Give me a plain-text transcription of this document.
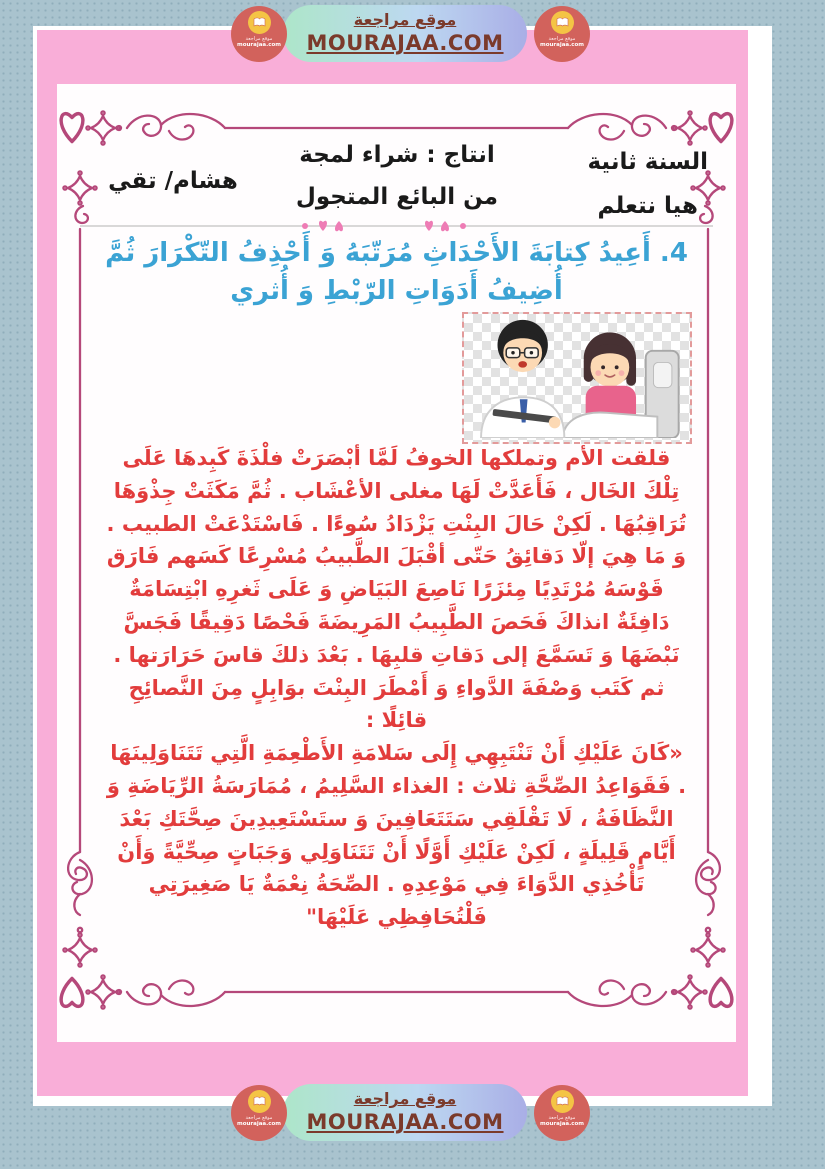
موقع مراجعة
MOURAJAA.COM
موقع مراجعة
mourajaa.com
موقع مراجعة
mourajaa.com
السنة ثانية
هيا نتعلم
انتاج : شراء لمجة
من البائع المتجول
هشام/ تقي
4. أَعِيدُ كِتابَةَ الأَحْدَاثِ مُرَتّبَهُ وَ أَحْذِفُ التّكْرَارَ ثُمَّ
أُضِيفُ أَدَوَاتِ الرّبْطِ وَ أُثري
قلقت الأم وتملكها الخوفُ لَمَّا أبْصَرَتْ فلْذَةَ كَبِدهَا عَلَى
تِلْكَ الخَال ، فَأَعَدَّتْ لَهَا مغلى الأعْشَاب . ثُمَّ مَكَثَتْ جِذْوَهَا
تُرَاقِبُهَا . لَكِنْ حَالَ البِنْتِ يَزْدَادُ سُوءًا . فَاسْتَدْعَتْ الطبيب .
وَ مَا هِيَ إلّا دَقائِقُ حَتّى أقْبَلَ الطَّبيبُ مُسْرِعًا كَسَهم فَارَق
قَوْسَهُ مُرْتَدِيًا مِئزَرًا نَاصِعَ البَيَاضِ وَ عَلَى ثَغرِهِ ابْتِسَامَةٌ
دَافِئَةٌ انذاكَ فَحَصَ الطَّبِيبُ المَرِيضَةَ فَحْصًا دَقِيقًا فَجَسَّ
نَبْضَهَا وَ تَسَمَّعَ إلى دَقاتِ قلبِهَا . بَعْدَ ذلكَ قاسَ حَرَارَتها .
ثم كَتَب وَصْفَةَ الدَّواءِ وَ أَمْطَرَ البِنْتَ بوَابِلٍ مِنَ النَّصائِحِ
قائِلًا :
«كَانَ عَلَيْكِ أَنْ تَنْتَبِهِي إِلَى سَلامَةِ الأَطْعِمَةِ الَّتِي تَتَنَاوَلِينَهَا
. فَقَوَاعِدُ الصِّحَّةِ ثلاث : الغذاء السَّلِيمُ ، مُمَارَسَةُ الرِّيَاضَةِ وَ
النَّظَافَةُ ، لَا تَقْلَقِي سَتَتَعَافِينَ وَ ستَسْتَعِيدِينَ صِحَّتَكِ بَعْدَ
أَيَّامٍ قَلِيلَةٍ ، لَكِنْ عَلَيْكِ أَوَّلًا أَنْ تَتَنَاوَلِي وَجَبَاتٍ صِحِّيَّةً وَأَنْ
تَأْخُذِي الدَّوَاءَ فِي مَوْعِدِهِ . الصِّحَةُ نِعْمَةٌ يَا صَغِيرَتِي
فَلْتُحَافِظِي عَلَيْهَا"
موقع مراجعة
MOURAJAA.COM
موقع مراجعة
mourajaa.com
موقع مراجعة
mourajaa.com
